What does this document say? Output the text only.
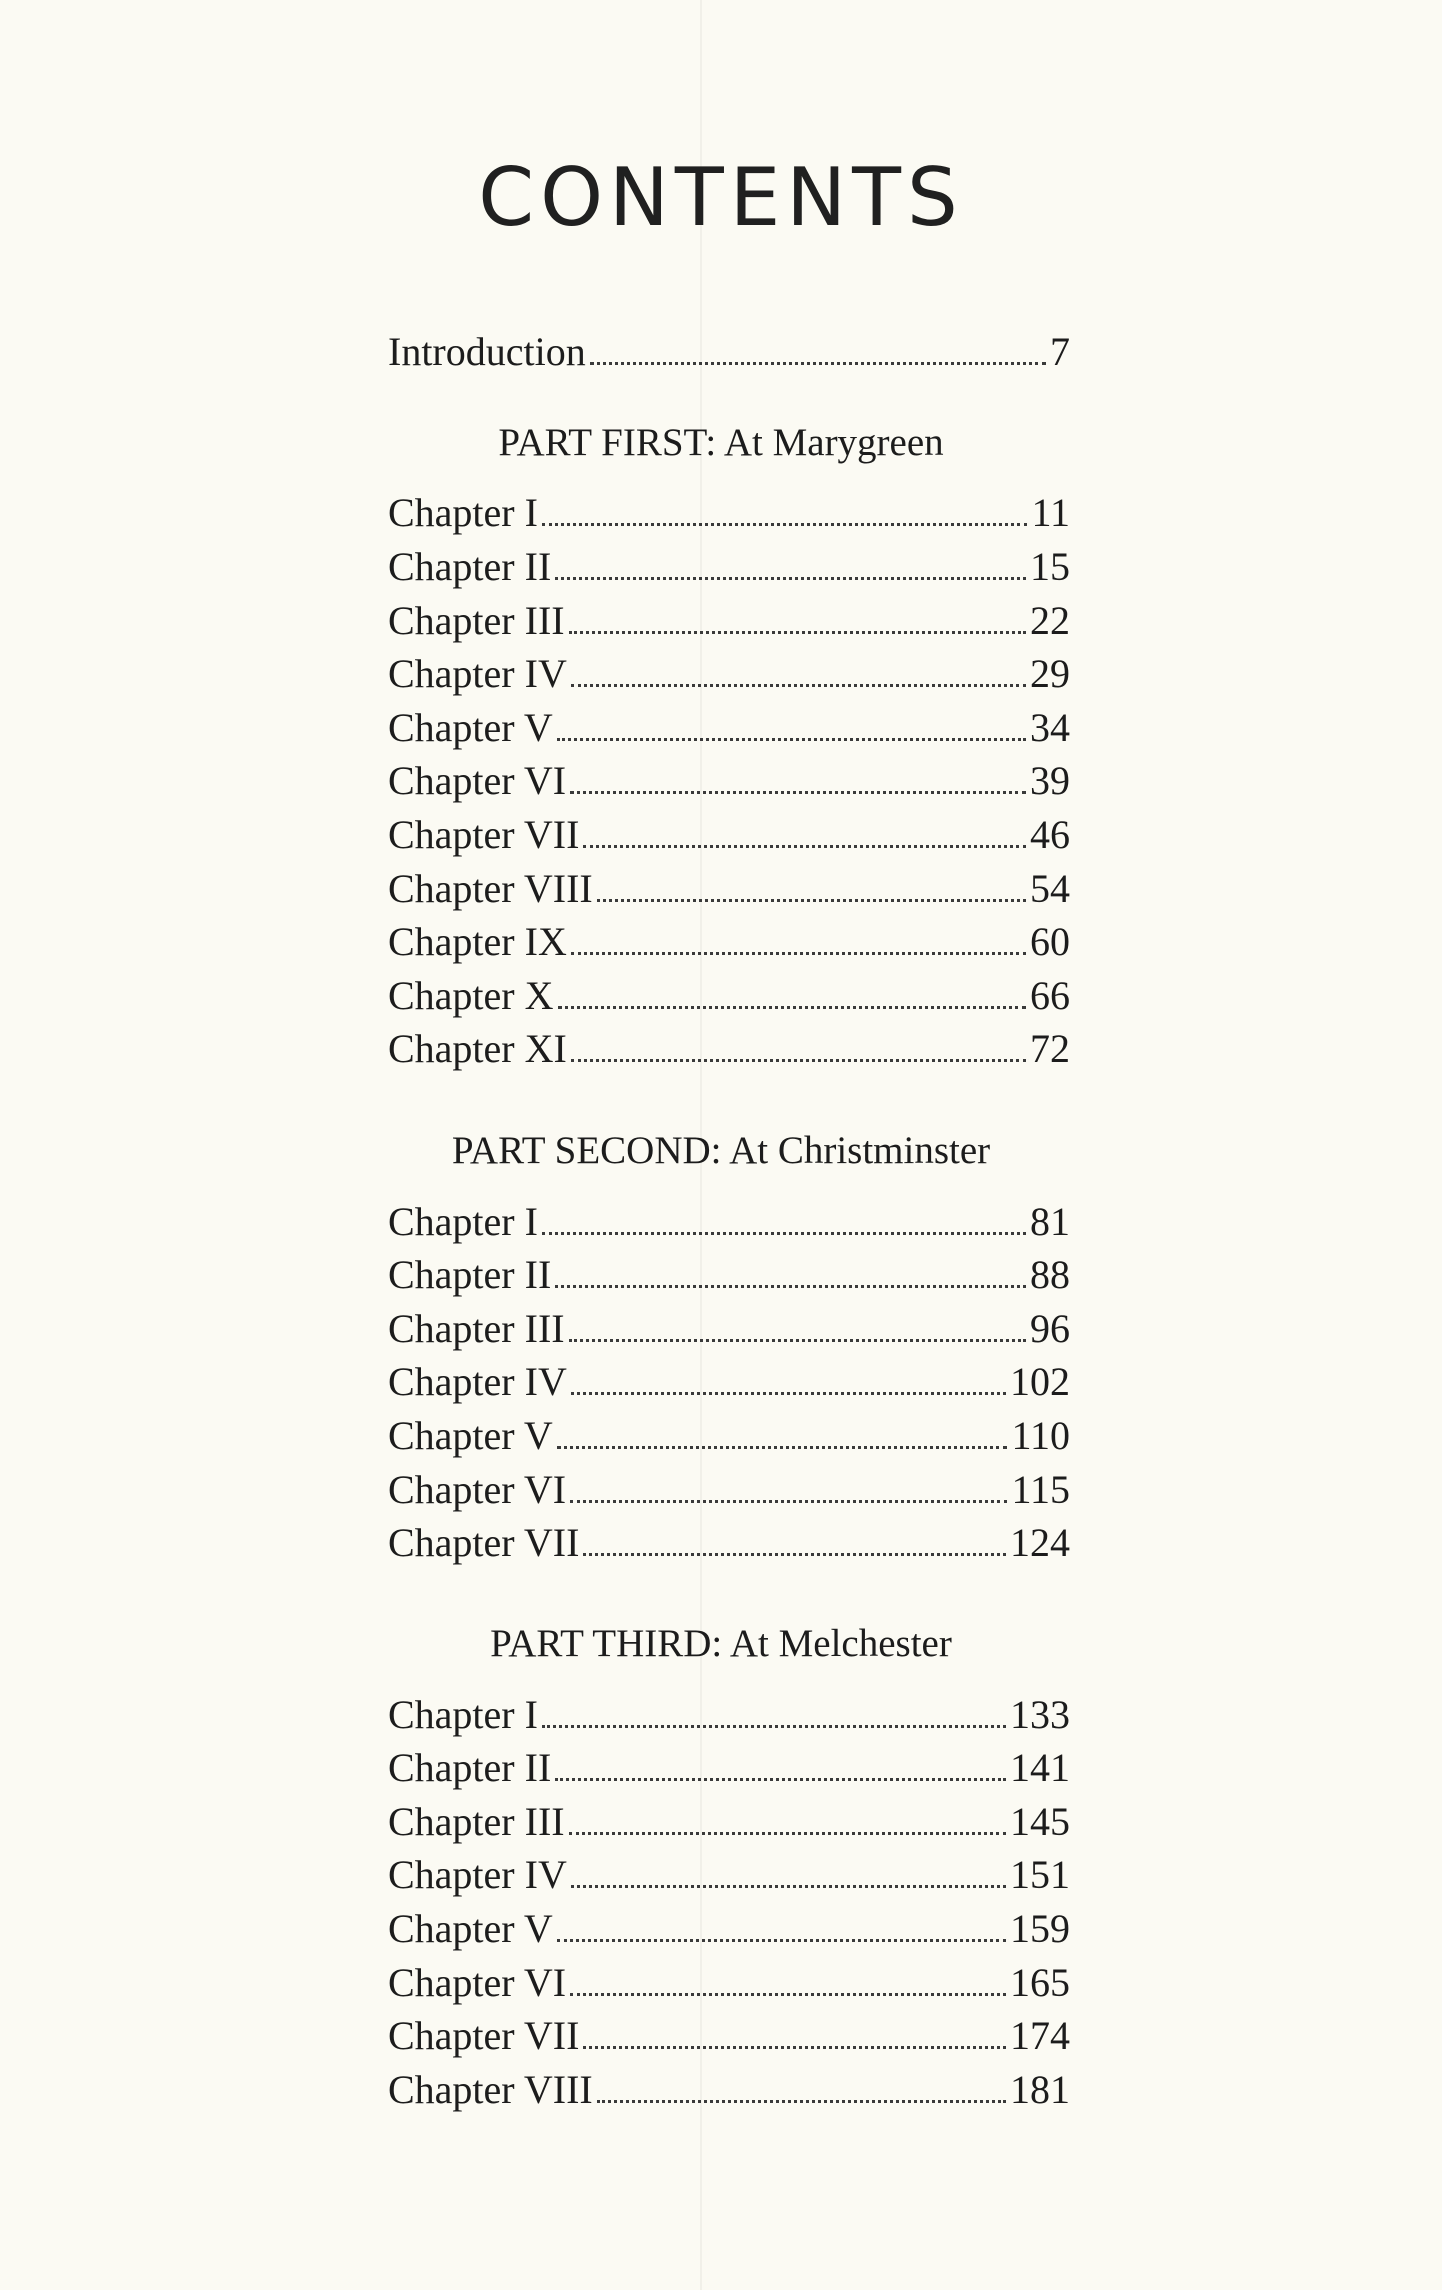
CONTENTS
Introduction	7
PART FIRST: At Marygreen
Chapter I	11
Chapter II	15
Chapter III	22
Chapter IV	29
Chapter V	34
Chapter VI	39
Chapter VII	46
Chapter VIII	54
Chapter IX	60
Chapter X	66
Chapter XI	72
PART SECOND: At Christminster
Chapter I	81
Chapter II	88
Chapter III	96
Chapter IV	102
Chapter V	110
Chapter VI	115
Chapter VII	124
PART THIRD: At Melchester
Chapter I	133
Chapter II	141
Chapter III	145
Chapter IV	151
Chapter V	159
Chapter VI	165
Chapter VII	174
Chapter VIII	181
